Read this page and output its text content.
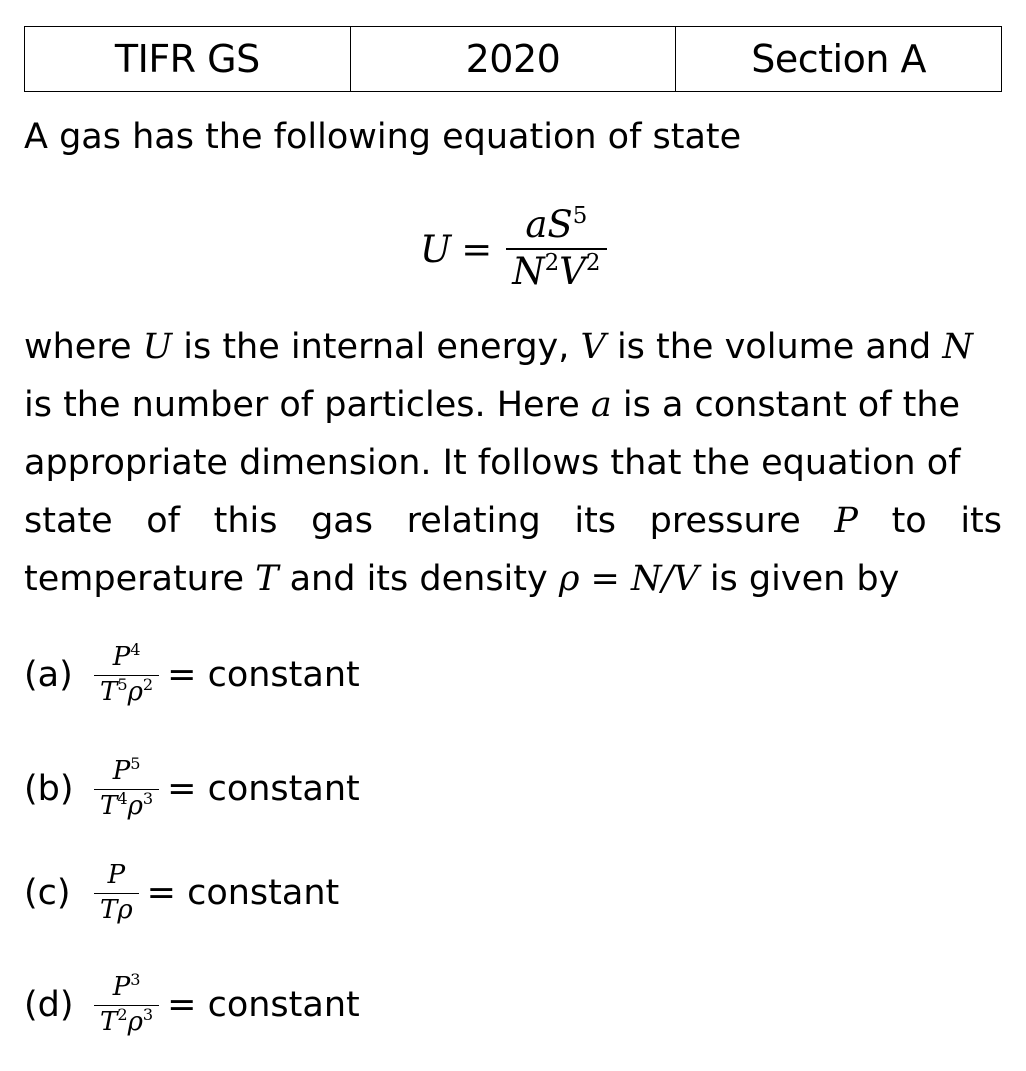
TIFR GS	2020	Section A
A gas has the following equation of state
$U = \frac{aS^5}{N^2V^2}$
where U is the internal energy, V is the volume and N
is the number of particles. Here a is a constant of the
appropriate dimension. It follows that the equation of
state of this gas relating its pressure P to its
temperature T and its density ρ = N/V is given by
$(a) \frac{P^4}{T^5\rho^2}$ = constant
$(b) \frac{P^5}{T^4\rho^3}$ = constant
$(c) \frac{P}{T\rho}$ = constant
$(d) \frac{P^3}{T^2\rho^3}$ = constant
